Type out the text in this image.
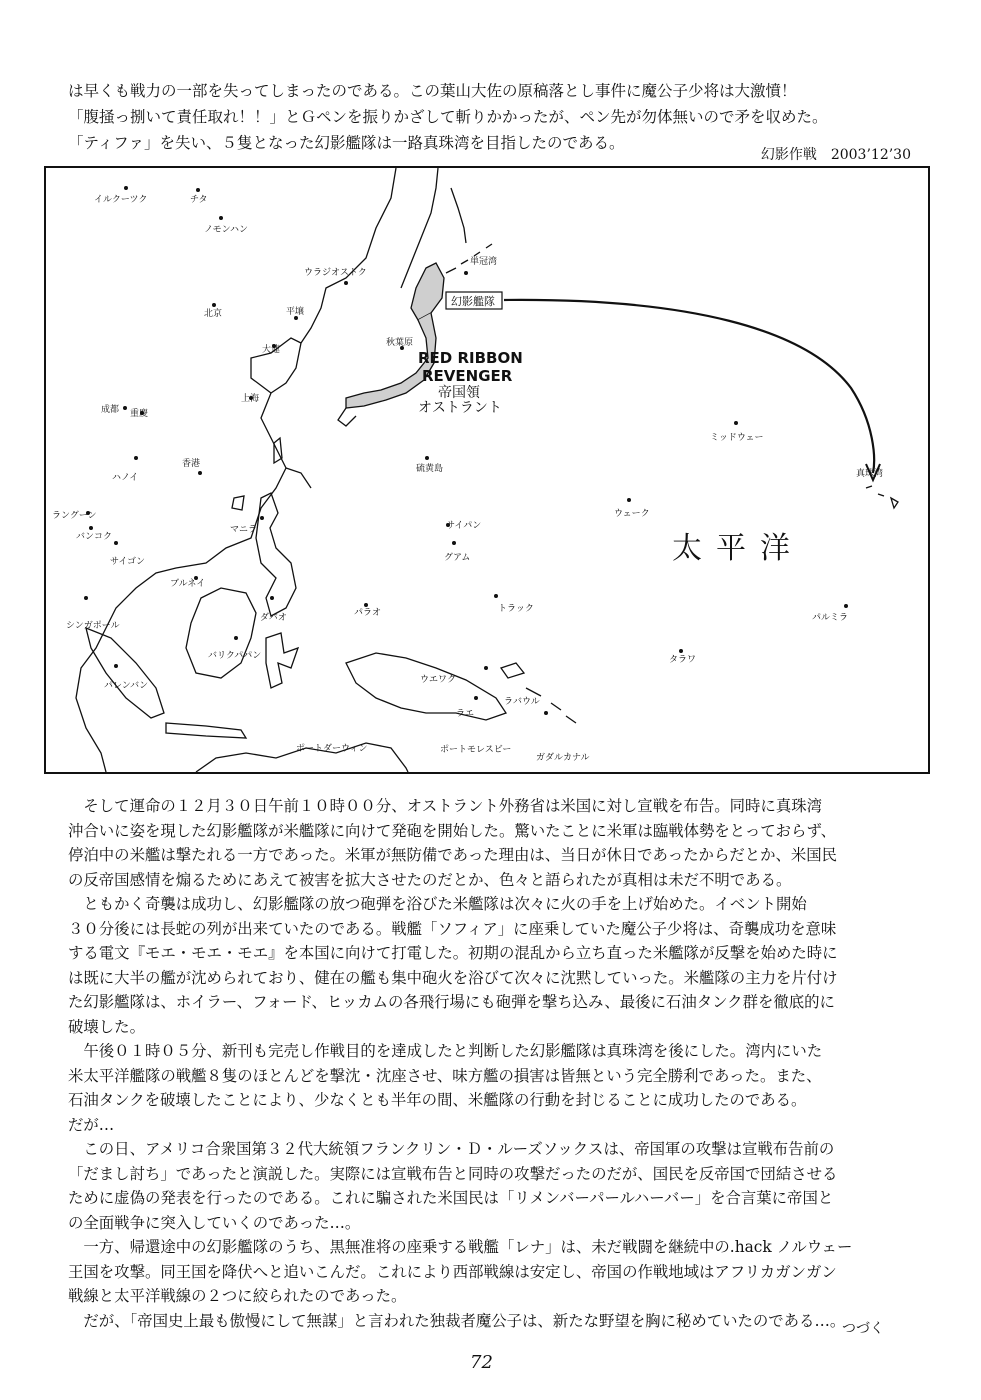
は早くも戦力の一部を失ってしまったのである。この葉山大佐の原稿落とし事件に魔公子少将は大激憤！

「腹掻っ捌いて責任取れ！！」とＧペンを振りかざして斬りかかったが、ペン先が勿体無いので矛を収めた。

「ティファ」を失い、５隻となった幻影艦隊は一路真珠湾を目指したのである。

幻影作戦　2003’12’30
幻影艦隊
RED RIBBON
REVENGER
帝国領
オストラント
太平洋
イルクーツク	チタ
ノモンハン
ウラジオストク
単冠湾
北京	平壌
大連
秋葉原
上海
成都 重慶
ハノイ
香港	硫黄島
ミッドウェー
真珠湾
ラングーン
バンコク
サイゴン
マニラ	サイパン
ウェーク
グアム
ブルネイ
シンガポール
ダバオ	パラオ	トラック
パルミラ
バリクパパン	タラワ
パレンバン
ウエワク
ラバウル
ラエ
ポートダーウィン	ポートモレスビー
ガダルカナル

　そして運命の１２月３０日午前１０時００分、オストラント外務省は米国に対し宣戦を布告。同時に真珠湾

沖合いに姿を現した幻影艦隊が米艦隊に向けて発砲を開始した。驚いたことに米軍は臨戦体勢をとっておらず、

停泊中の米艦は撃たれる一方であった。米軍が無防備であった理由は、当日が休日であったからだとか、米国民

の反帝国感情を煽るためにあえて被害を拡大させたのだとか、色々と語られたが真相は未だ不明である。

　ともかく奇襲は成功し、幻影艦隊の放つ砲弾を浴びた米艦隊は次々に火の手を上げ始めた。イベント開始

３０分後には長蛇の列が出来ていたのである。戦艦「ソフィア」に座乗していた魔公子少将は、奇襲成功を意味

する電文『モエ・モエ・モエ』を本国に向けて打電した。初期の混乱から立ち直った米艦隊が反撃を始めた時に

は既に大半の艦が沈められており、健在の艦も集中砲火を浴びて次々に沈黙していった。米艦隊の主力を片付け

た幻影艦隊は、ホイラー、フォード、ヒッカムの各飛行場にも砲弾を撃ち込み、最後に石油タンク群を徹底的に

破壊した。

　午後０１時０５分、新刊も完売し作戦目的を達成したと判断した幻影艦隊は真珠湾を後にした。湾内にいた

米太平洋艦隊の戦艦８隻のほとんどを撃沈・沈座させ、味方艦の損害は皆無という完全勝利であった。また、

石油タンクを破壊したことにより、少なくとも半年の間、米艦隊の行動を封じることに成功したのである。

だが…

　この日、アメリコ合衆国第３２代大統領フランクリン・Ｄ・ルーズソックスは、帝国軍の攻撃は宣戦布告前の

「だまし討ち」であったと演説した。実際には宣戦布告と同時の攻撃だったのだが、国民を反帝国で団結させる

ために虚偽の発表を行ったのである。これに騙された米国民は「リメンバーパールハーバー」を合言葉に帝国と

の全面戦争に突入していくのであった…。

　一方、帰還途中の幻影艦隊のうち、黒無准将の座乗する戦艦「レナ」は、未だ戦闘を継続中の.hack ノルウェー

王国を攻撃。同王国を降伏へと追いこんだ。これにより西部戦線は安定し、帝国の作戦地域はアフリカガンガン

戦線と太平洋戦線の２つに絞られたのであった。

　だが、「帝国史上最も傲慢にして無謀」と言われた独裁者魔公子は、新たな野望を胸に秘めていたのである…。

つづく
72
